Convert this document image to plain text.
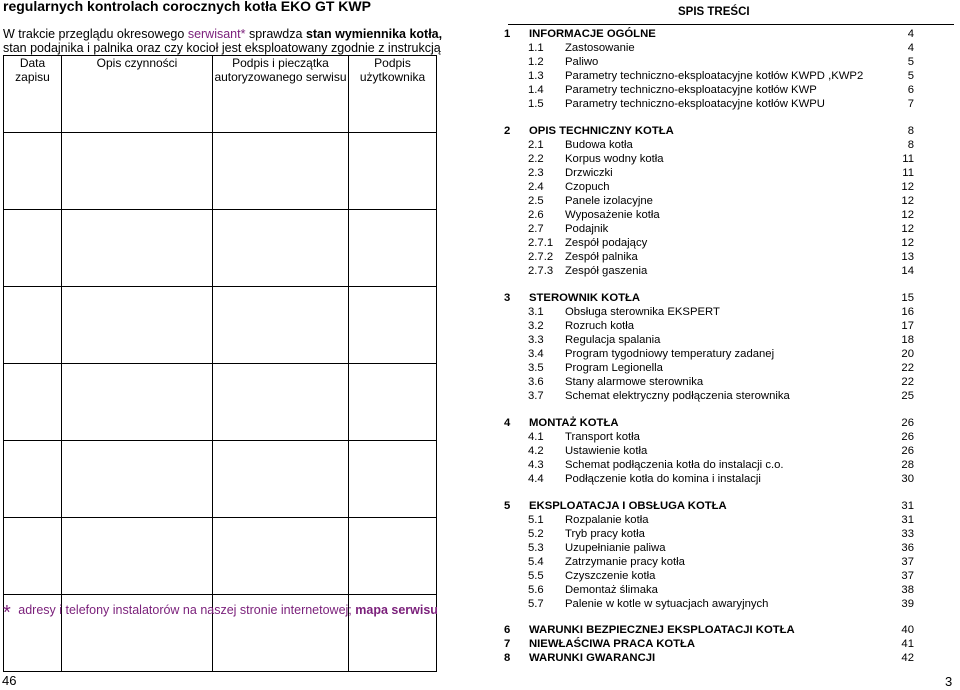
regularnych kontrolach corocznych kotła EKO GT KWP
W trakcie przeglądu okresowego serwisant* sprawdza stan wymiennika kotła,
stan podajnika i palnika oraz czy kocioł jest eksploatowany zgodnie z instrukcją
Data zapisu	Opis czynności	Podpis i pieczątka autoryzowanego serwisu	Podpis użytkownika

* adresy i telefony instalatorów na naszej stronie internetowej; mapa serwisu
46	3
SPIS TREŚCI
1 INFORMACJE OGÓLNE	4
1.1 Zastosowanie	4
1.2 Paliwo	5
1.3 Parametry techniczno-eksploatacyjne kotłów KWPD ,KWP2	5
1.4 Parametry techniczno-eksploatacyjne kotłów KWP	6
1.5 Parametry techniczno-eksploatacyjne kotłów KWPU	7
2 OPIS TECHNICZNY KOTŁA	8
2.1 Budowa kotła	8
2.2 Korpus wodny kotła	11
2.3 Drzwiczki	11
2.4 Czopuch	12
2.5 Panele izolacyjne	12
2.6 Wyposażenie kotła	12
2.7 Podajnik	12
2.7.1 Zespół podający	12
2.7.2 Zespół palnika	13
2.7.3 Zespół gaszenia	14
3 STEROWNIK KOTŁA	15
3.1 Obsługa sterownika EKSPERT	16
3.2 Rozruch kotła	17
3.3 Regulacja spalania	18
3.4 Program tygodniowy temperatury zadanej	20
3.5 Program Legionella	22
3.6 Stany alarmowe sterownika	22
3.7 Schemat elektryczny podłączenia sterownika	25
4 MONTAŻ KOTŁA	26
4.1 Transport kotła	26
4.2 Ustawienie kotła	26
4.3 Schemat podłączenia kotła do instalacji c.o.	28
4.4 Podłączenie kotła do komina i instalacji	30
5 EKSPLOATACJA I OBSŁUGA KOTŁA	31
5.1 Rozpalanie kotła	31
5.2 Tryb pracy kotła	33
5.3 Uzupełnianie paliwa	36
5.4 Zatrzymanie pracy kotła	37
5.5 Czyszczenie kotła	37
5.6 Demontaż ślimaka	38
5.7 Palenie w kotle w sytuacjach awaryjnych	39
6 WARUNKI BEZPIECZNEJ EKSPLOATACJI KOTŁA	40
7 NIEWŁAŚCIWA PRACA KOTŁA	41
8 WARUNKI GWARANCJI	42
